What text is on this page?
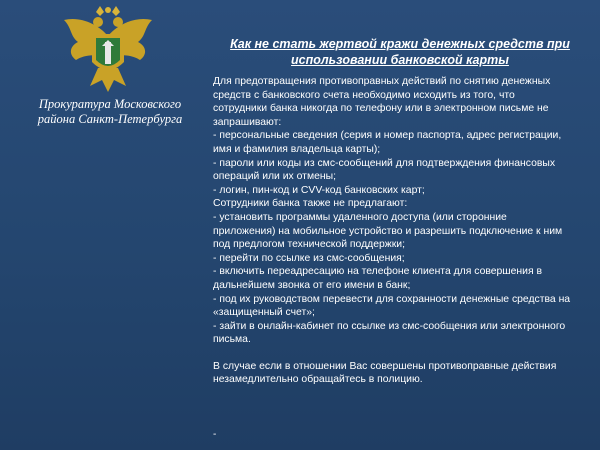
Прокуратура Московского района Санкт-Петербурга
Как не стать жертвой кражи денежных средств при использовании банковской карты

Для предотвращения противоправных действий по снятию денежных
средств с банковского счета необходимо исходить из того, что
сотрудники банка никогда по телефону или в электронном письме не
запрашивают:
- персональные сведения (серия и номер паспорта, адрес регистрации,
имя и фамилия владельца карты);
- пароли или коды из смс-сообщений для подтверждения финансовых
операций или их отмены;
- логин, пин-код и CVV-код банковских карт;
Сотрудники банка также не предлагают:
- установить программы удаленного доступа (или сторонние
приложения) на мобильное устройство и разрешить подключение к ним
под предлогом технической поддержки;
- перейти по ссылке из смс-сообщения;
- включить переадресацию на телефоне клиента для совершения в
дальнейшем звонка от его имени в банк;
- под их руководством перевести для сохранности денежные средства на
«защищенный счет»;
- зайти в онлайн-кабинет по ссылке из смс-сообщения или электронного
письма.

В случае если в отношении Вас совершены противоправные действия
незамедлительно обращайтесь в полицию.

-
